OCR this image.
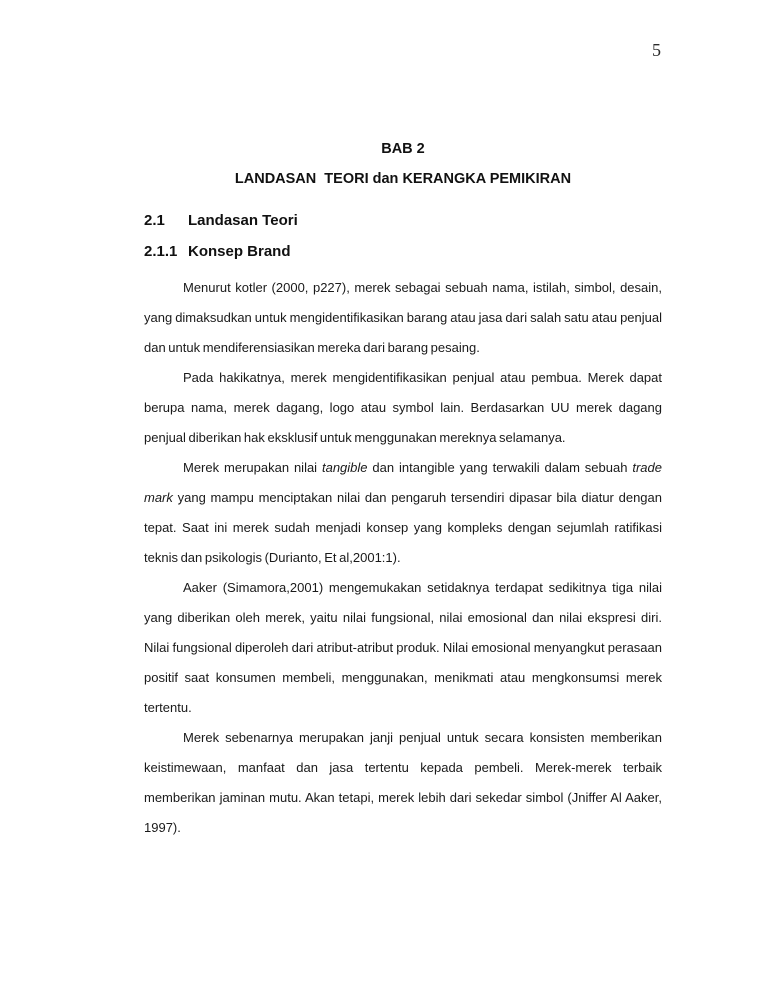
5
BAB 2
LANDASAN  TEORI dan KERANGKA PEMIKIRAN
2.1	Landasan Teori
2.1.1 Konsep Brand
Menurut kotler (2000, p227), merek sebagai sebuah nama, istilah, simbol, desain,
yang dimaksudkan untuk mengidentifikasikan barang atau jasa dari salah satu atau penjual
dan untuk mendiferensiasikan mereka dari barang pesaing.
Pada hakikatnya, merek mengidentifikasikan penjual atau pembua. Merek dapat
berupa nama, merek dagang, logo atau symbol lain. Berdasarkan UU merek dagang
penjual diberikan hak eksklusif untuk menggunakan mereknya selamanya.
Merek merupakan nilai tangible dan intangible yang terwakili dalam sebuah trade
mark yang mampu menciptakan nilai dan pengaruh tersendiri dipasar bila diatur dengan
tepat. Saat ini merek sudah menjadi konsep yang kompleks dengan sejumlah ratifikasi
teknis dan psikologis (Durianto, Et al,2001:1).
Aaker (Simamora,2001) mengemukakan setidaknya terdapat sedikitnya tiga nilai
yang diberikan oleh merek, yaitu nilai fungsional, nilai emosional dan nilai ekspresi diri.
Nilai fungsional diperoleh dari atribut-atribut produk. Nilai emosional menyangkut perasaan
positif saat konsumen membeli, menggunakan, menikmati atau mengkonsumsi merek
tertentu.
Merek sebenarnya merupakan janji penjual untuk secara konsisten memberikan
keistimewaan, manfaat dan jasa tertentu kepada pembeli. Merek-merek terbaik
memberikan jaminan mutu. Akan tetapi, merek lebih dari sekedar simbol (Jniffer Al Aaker,
1997).
